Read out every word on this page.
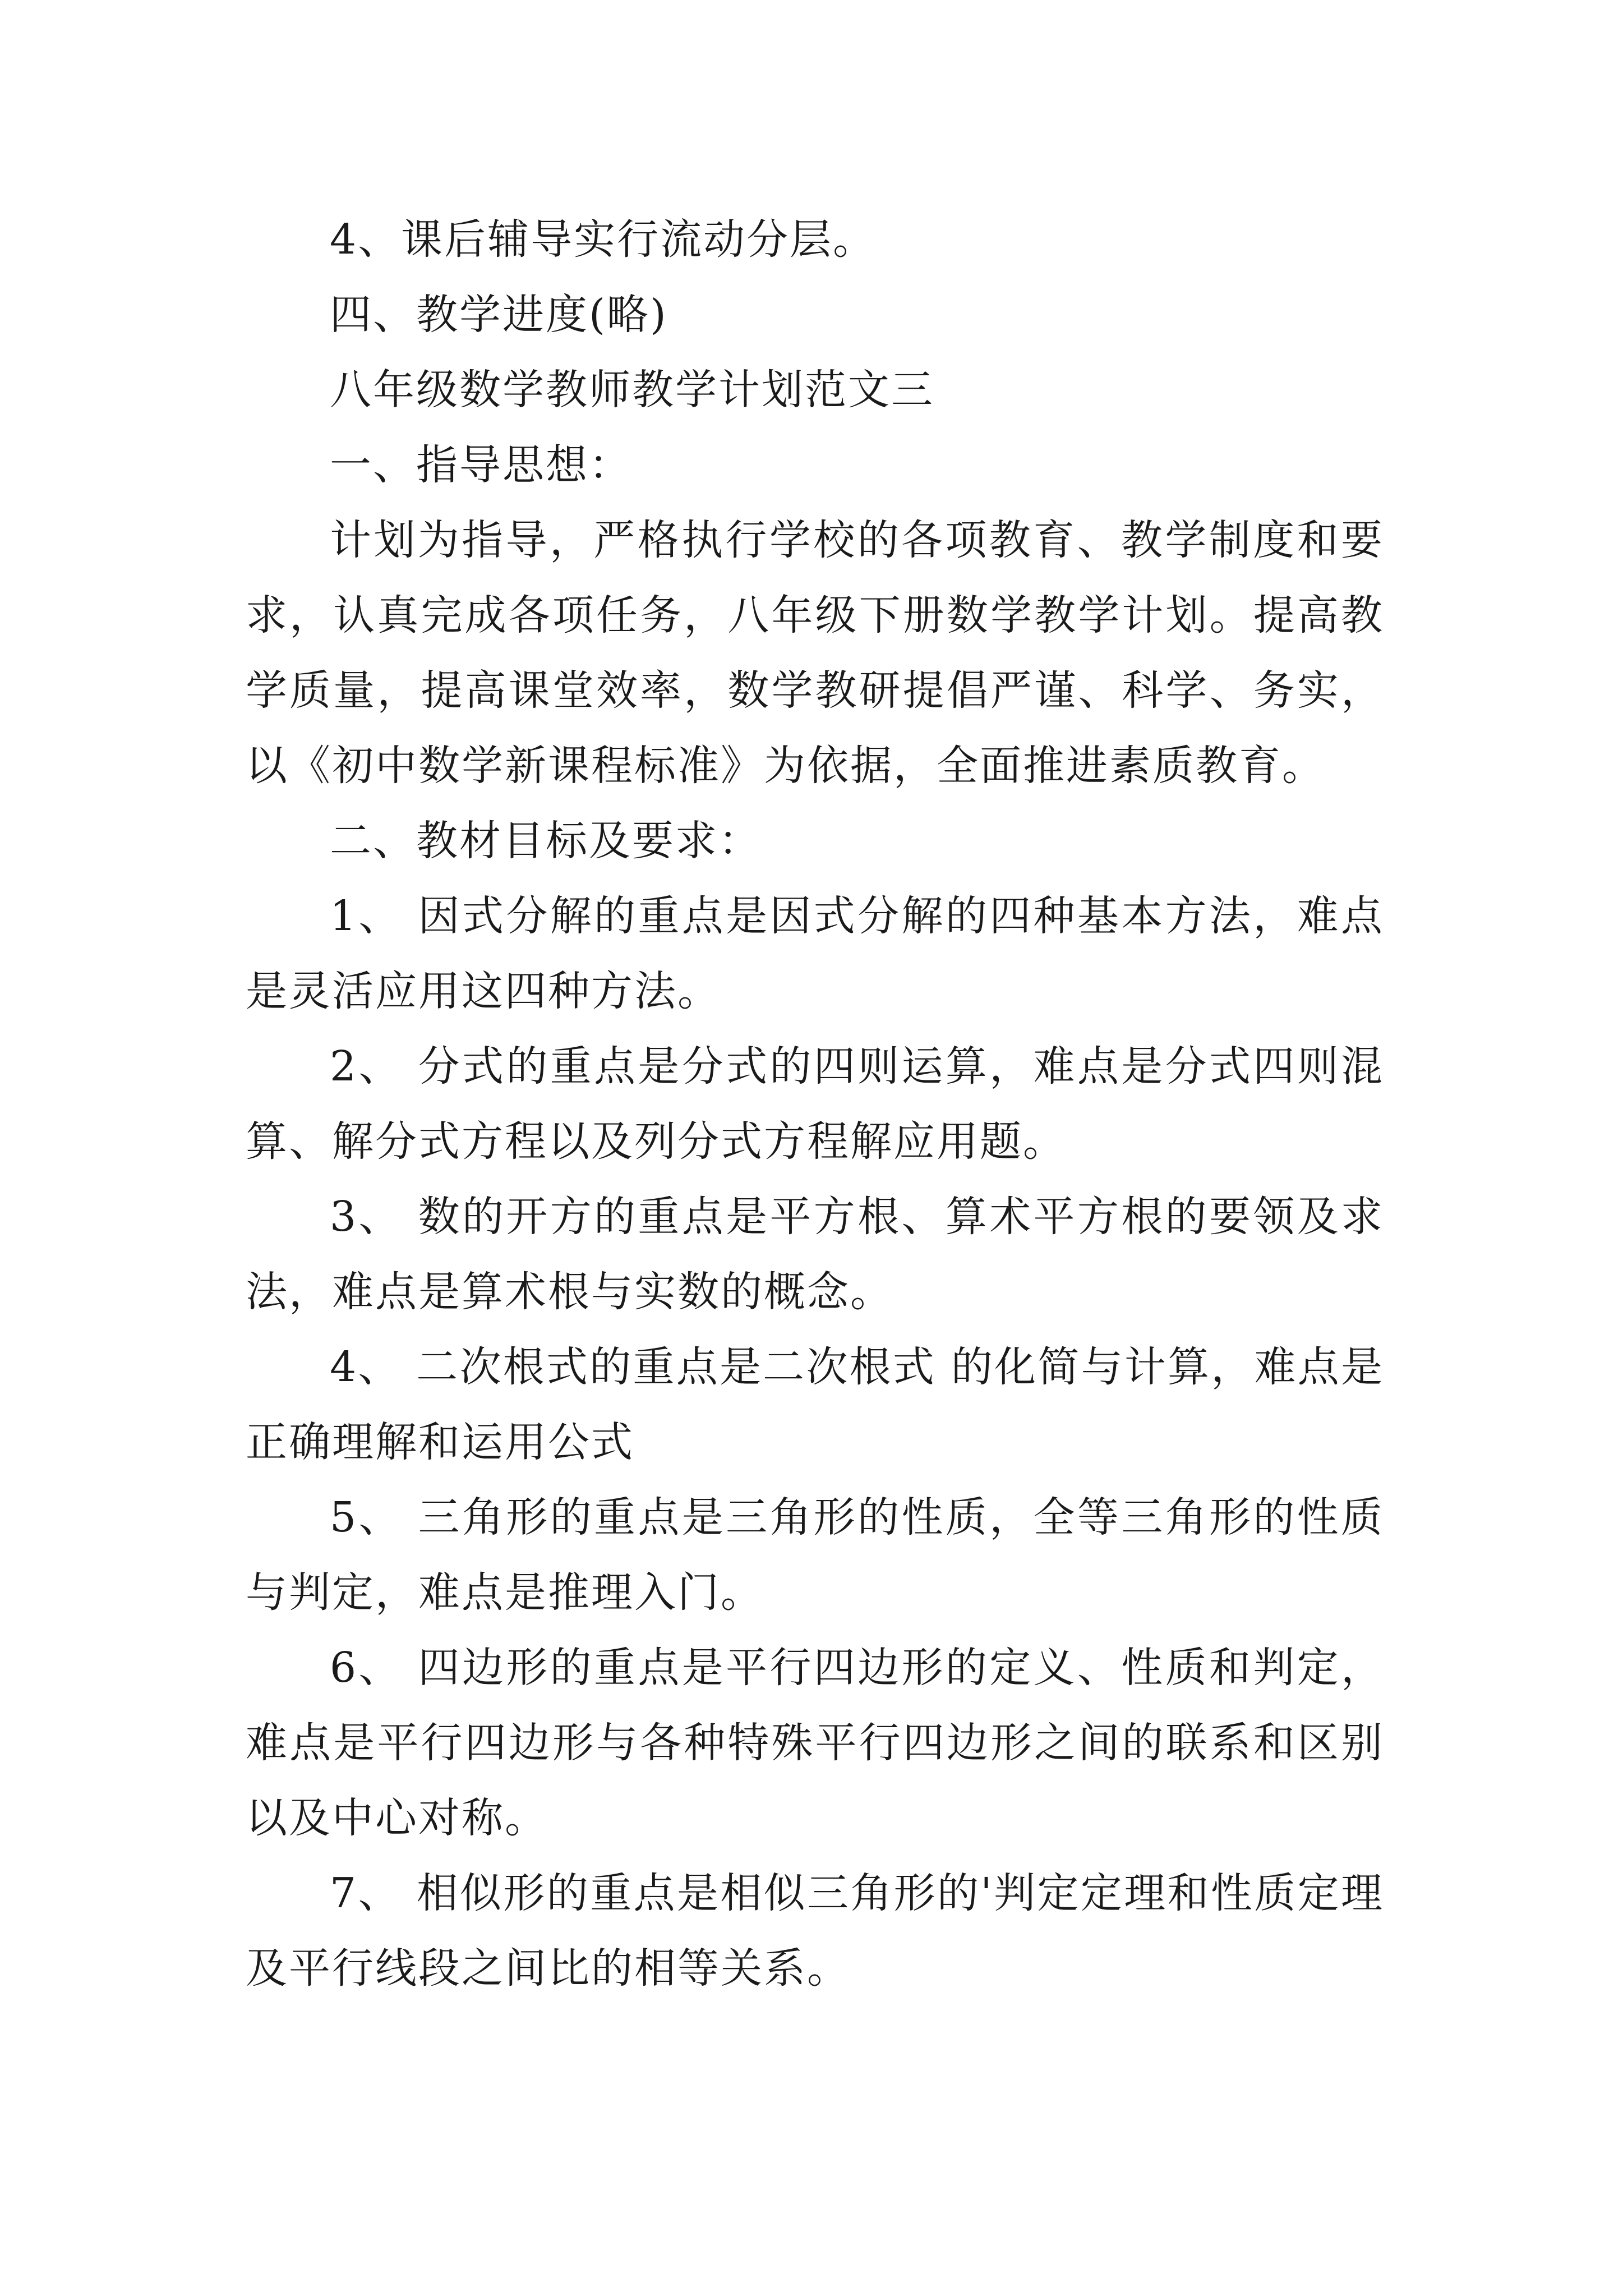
4、课后辅导实行流动分层。

四、教学进度(略)

八年级数学教师教学计划范文三

一、指导思想：

计划为指导，严格执行学校的各项教育、教学制度和要求，认真完成各项任务，八年级下册数学教学计划。提高教学质量，提高课堂效率，数学教研提倡严谨、科学、务实，以《初中数学新课程标准》为依据，全面推进素质教育。

二、教材目标及要求：

1、 因式分解的重点是因式分解的四种基本方法，难点是灵活应用这四种方法。

2、 分式的重点是分式的四则运算，难点是分式四则混算、解分式方程以及列分式方程解应用题。

3、 数的开方的重点是平方根、算术平方根的要领及求法，难点是算术根与实数的概念。

4、 二次根式的重点是二次根式 的化简与计算，难点是正确理解和运用公式

5、 三角形的重点是三角形的性质，全等三角形的性质与判定，难点是推理入门。

6、 四边形的重点是平行四边形的定义、性质和判定，难点是平行四边形与各种特殊平行四边形之间的联系和区别以及中心对称。

7、 相似形的重点是相似三角形的'判定定理和性质定理及平行线段之间比的相等关系。
